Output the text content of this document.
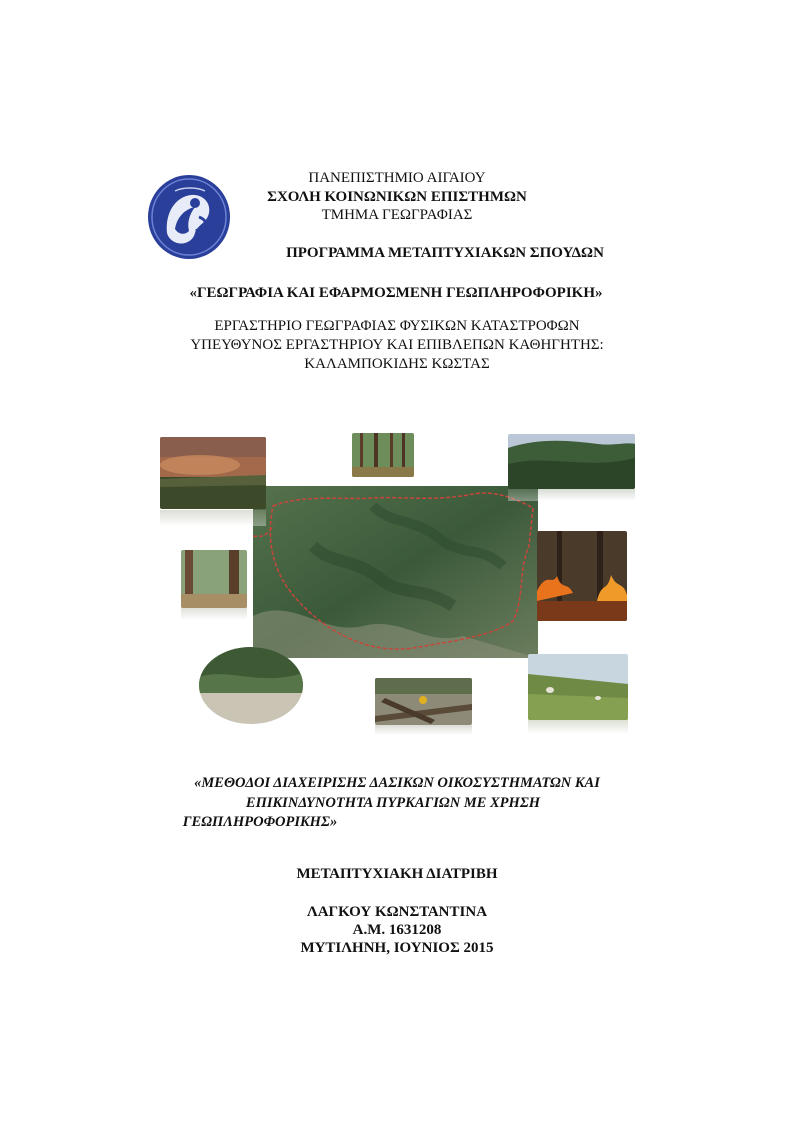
ΠΑΝΕΠΙΣΤΗΜΙΟ ΑΙΓΑΙΟΥ
ΣΧΟΛΗ ΚΟΙΝΩΝΙΚΩΝ ΕΠΙΣΤΗΜΩΝ
ΤΜΗΜΑ ΓΕΩΓΡΑΦΙΑΣ
ΠΡΟΓΡΑΜΜΑ ΜΕΤΑΠΤΥΧΙΑΚΩΝ ΣΠΟΥΔΩΝ
«ΓΕΩΓΡΑΦΙΑ ΚΑΙ ΕΦΑΡΜΟΣΜΕΝΗ ΓΕΩΠΛΗΡΟΦΟΡΙΚΗ»
ΕΡΓΑΣΤΗΡΙΟ ΓΕΩΓΡΑΦΙΑΣ ΦΥΣΙΚΩΝ ΚΑΤΑΣΤΡΟΦΩΝ
ΥΠΕΥΘΥΝΟΣ ΕΡΓΑΣΤΗΡΙΟΥ ΚΑΙ ΕΠΙΒΛΕΠΩΝ ΚΑΘΗΓΗΤΗΣ:
ΚΑΛΑΜΠΟΚΙΔΗΣ ΚΩΣΤΑΣ
«ΜΕΘΟΔΟΙ ΔΙΑΧΕΙΡΙΣΗΣ ΔΑΣΙΚΩΝ ΟΙΚΟΣΥΣΤΗΜΑΤΩΝ ΚΑΙ
ΕΠΙΚΙΝΔΥΝΟΤΗΤΑ ΠΥΡΚΑΓΙΩΝ ΜΕ ΧΡΗΣΗ
ΓΕΩΠΛΗΡΟΦΟΡΙΚΗΣ»
ΜΕΤΑΠΤΥΧΙΑΚΗ ΔΙΑΤΡΙΒΗ
ΛΑΓΚΟΥ ΚΩΝΣΤΑΝΤΙΝΑ
Α.Μ. 1631208
ΜΥΤΙΛΗΝΗ, ΙΟΥΝΙΟΣ 2015
